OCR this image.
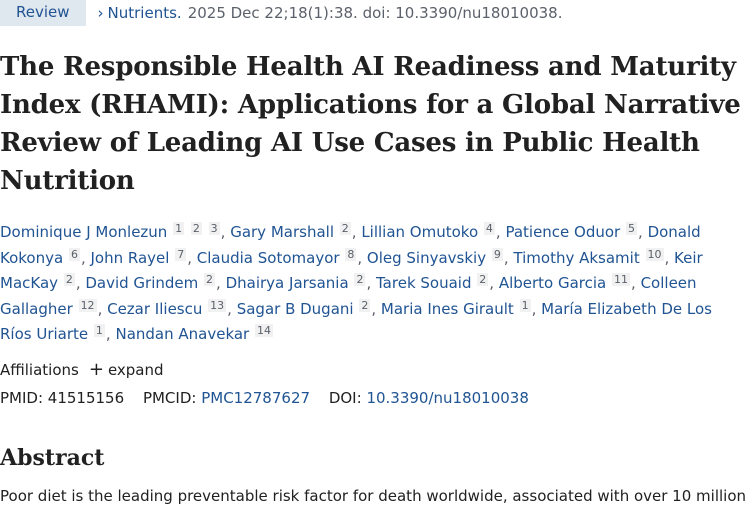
Review	› Nutrients. 2025 Dec 22;18(1):38. doi: 10.3390/nu18010038.
The Responsible Health AI Readiness and Maturity Index (RHAMI): Applications for a Global Narrative Review of Leading AI Use Cases in Public Health Nutrition
Dominique J Monlezun 1 2 3 , Gary Marshall 2 , Lillian Omutoko 4 , Patience Oduor 5 , Donald Kokonya 6 , John Rayel 7 , Claudia Sotomayor 8 , Oleg Sinyavskiy 9 , Timothy Aksamit 10 , Keir MacKay 2 , David Grindem 2 , Dhairya Jarsania 2 , Tarek Souaid 2 , Alberto Garcia 11 , Colleen Gallagher 12 , Cezar Iliescu 13 , Sagar B Dugani 2 , Maria Ines Girault 1 , María Elizabeth De Los Ríos Uriarte 1 , Nandan Anavekar 14
Affiliations + expand
PMID: 41515156 PMCID: PMC12787627 DOI: 10.3390/nu18010038
Abstract
Poor diet is the leading preventable risk factor for death worldwide, associated with over 10 million
